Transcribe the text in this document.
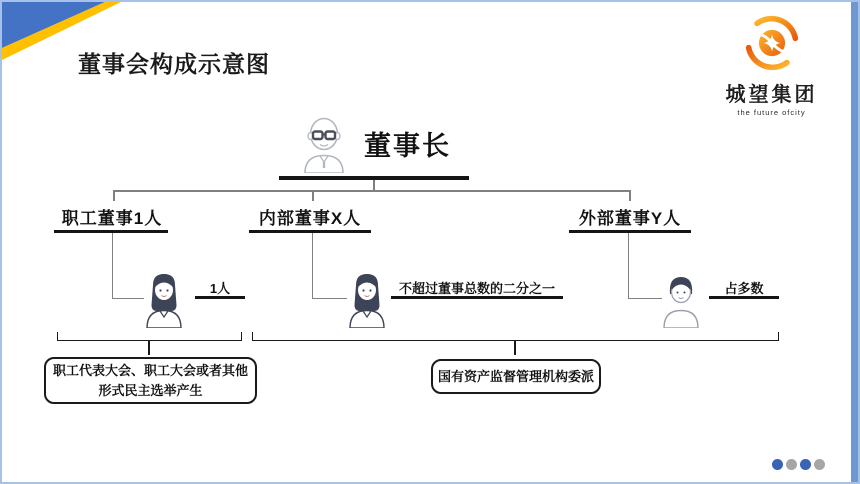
董事会构成示意图
城望集团
the future ofcity
董事长
职工董事1人	内部董事X人	外部董事Y人
1人	不超过董事总数的二分之一	占多数
职工代表大会、职工大会或者其他
形式民主选举产生
国有资产监督管理机构委派
